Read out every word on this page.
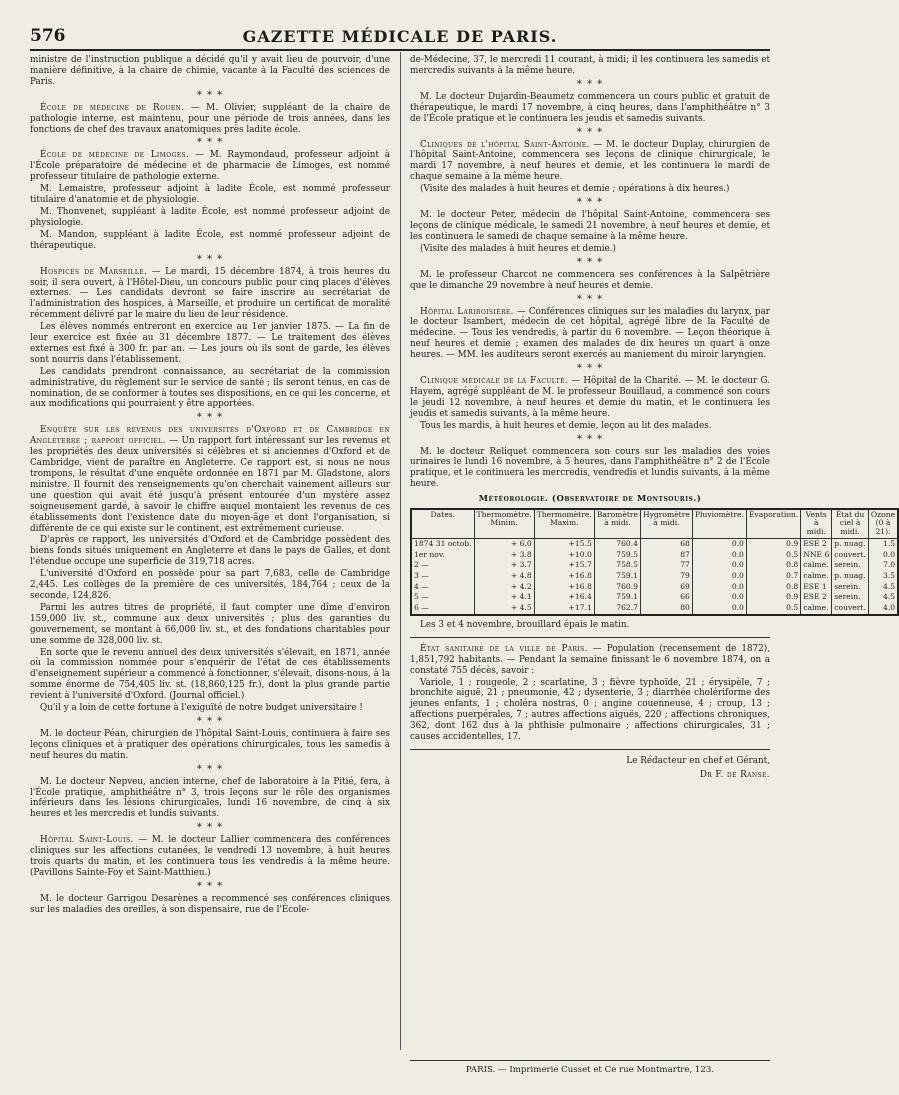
576	GAZETTE MÉDICALE DE PARIS.

ministre de l'instruction publique a décidé qu'il y avait lieu de pourvoir, d'une manière définitive, à la chaire de chimie, vacante à la Faculté des sciences de Paris.

* * *

École de médecine de Rouen. — M. Olivier, suppléant de la chaire de pathologie interne, est maintenu, pour une période de trois années, dans les fonctions de chef des travaux anatomiques près ladite école.

* * *

École de médecine de Limoges. — M. Raymondaud, professeur adjoint à l'École préparatoire de médecine et de pharmacie de Limoges, est nommé professeur titulaire de pathologie externe.

M. Lemaistre, professeur adjoint à ladite École, est nommé professeur titulaire d'anatomie et de physiologie.

M. Thonvenet, suppléant à ladite École, est nommé professeur adjoint de physiologie.

M. Mandon, suppléant à ladite École, est nommé professeur adjoint de thérapeutique.

* * *

Hospices de Marseille. — Le mardi, 15 décembre 1874, à trois heures du soir, il sera ouvert, à l'Hôtel-Dieu, un concours public pour cinq places d'élèves externes. — Les candidats devront se faire inscrire au secrétariat de l'administration des hospices, à Marseille, et produire un certificat de moralité récemment délivré par le maire du lieu de leur résidence.

Les élèves nommés entreront en exercice au 1er janvier 1875. — La fin de leur exercice est fixée au 31 décembre 1877. — Le traitement des élèves externes est fixé à 300 fr. par an. — Les jours où ils sont de garde, les élèves sont nourris dans l'établissement.

Les candidats prendront connaissance, au secrétariat de la commission administrative, du règlement sur le service de santé ; ils seront tenus, en cas de nomination, de se conformer à toutes ses dispositions, en ce qui les concerne, et aux modifications qui pourraient y être apportées.

* * *

Enquête sur les revenus des universités d'Oxford et de Cambridge en Angleterre ; rapport officiel. — Un rapport fort intéressant sur les revenus et les propriétés des deux universités si célèbres et si anciennes d'Oxford et de Cambridge, vient de paraître en Angleterre. Ce rapport est, si nous ne nous trompons, le résultat d'une enquête ordonnée en 1871 par M. Gladstone, alors ministre. Il fournit des renseignements qu'on cherchait vainement ailleurs sur une question qui avait été jusqu'à présent entourée d'un mystère assez soigneusement gardé, à savoir le chiffre auquel montaient les revenus de ces établissements dont l'existence date du moyen-âge et dont l'organisation, si différente de ce qui existe sur le continent, est extrêmement curieuse.

D'après ce rapport, les universités d'Oxford et de Cambridge possèdent des biens fonds situés uniquement en Angleterre et dans le pays de Galles, et dont l'étendue occupe une superficie de 319,718 acres.

L'université d'Oxford en possède pour sa part 7,683, celle de Cambridge 2,445. Les collèges de la première de ces universités, 184,764 ; ceux de la seconde, 124,826.

Parmi les autres titres de propriété, il faut compter une dîme d'environ 159,000 liv. st., commune aux deux universités ; plus des garanties du gouvernement, se montant à 66,000 liv. st., et des fondations charitables pour une somme de 328,000 liv. st.

En sorte que le revenu annuel des deux universités s'élevait, en 1871, année où la commission nommée pour s'enquérir de l'état de ces établissements d'enseignement supérieur a commencé à fonctionner, s'élevait, disons-nous, à la somme énorme de 754,405 liv. st. (18,860,125 fr.), dont la plus grande partie revient à l'université d'Oxford. (Journal officiel.)

Qu'il y a loin de cette fortune à l'exiguïté de notre budget universitaire !

* * *

M. le docteur Péan, chirurgien de l'hôpital Saint-Louis, continuera à faire ses leçons cliniques et à pratiquer des opérations chirurgicales, tous les samedis à neuf heures du matin.

* * *

M. Le docteur Nepveu, ancien interne, chef de laboratoire à la Pitié, fera, à l'École pratique, amphithéâtre n° 3, trois leçons sur le rôle des organismes inférieurs dans les lésions chirurgicales, lundi 16 novembre, de cinq à six heures et les mercredis et lundis suivants.

* * *

Hôpital Saint-Louis. — M. le docteur Lallier commencera des conférences cliniques sur les affections cutanées, le vendredi 13 novembre, à huit heures trois quarts du matin, et les continuera tous les vendredis à la même heure. (Pavillons Sainte-Foy et Saint-Matthieu.)

* * *

M. le docteur Garrigou Desarènes a recommencé ses conférences cliniques sur les maladies des oreilles, à son dispensaire, rue de l'École-

de-Médecine, 37, le mercredi 11 courant, à midi; il les continuera les samedis et mercredis suivants à la même heure.

* * *

M. Le docteur Dujardin-Beaumetz commencera un cours public et gratuit de thérapeutique, le mardi 17 novembre, à cinq heures, dans l'amphithéâtre n° 3 de l'École pratique et le continuera les jeudis et samedis suivants.

* * *

Cliniques de l'hôpital Saint-Antoine. — M. le docteur Duplay, chirurgien de l'hôpital Saint-Antoine, commencera ses leçons de clinique chirurgicale, le mardi 17 novembre, à neuf heures et demie, et les continuera le mardi de chaque semaine à la même heure.

(Visite des malades à huit heures et demie ; opérations à dix heures.)

* * *

M. le docteur Peter, médecin de l'hôpital Saint-Antoine, commencera ses leçons de clinique médicale, le samedi 21 novembre, à neuf heures et demie, et les continuera le samedi de chaque semaine à la même heure.

(Visite des malades à huit heures et demie.)

* * *

M. le professeur Charcot ne commencera ses conférences à la Salpêtrière que le dimanche 29 novembre à neuf heures et demie.

* * *

Hôpital Lariboisière. — Conférences cliniques sur les maladies du larynx, par le docteur Isambert, médecin de cet hôpital, agrégé libre de la Faculté de médecine. — Tous les vendredis, à partir du 6 novembre. — Leçon théorique à neuf heures et demie ; examen des malades de dix heures un quart à onze heures. — MM. les auditeurs seront exercés au maniement du miroir laryngien.

* * *

Clinique médicale de la Faculté. — Hôpital de la Charité. — M. le docteur G. Hayem, agrégé suppléant de M. le professeur Bouillaud, a commencé son cours le jeudi 12 novembre, à neuf heures et demie du matin, et le continuera les jeudis et samedis suivants, à la même heure.

Tous les mardis, à huit heures et demie, leçon au lit des malades.

* * *

M. le docteur Reliquet commencera son cours sur les maladies des voies urinaires le lundi 16 novembre, à 5 heures, dans l'amphithéâtre n° 2 de l'École pratique, et le continuera les mercredis, vendredis et lundis suivants, à la même heure.

Météorologie. (Observatoire de Montsouris.)
Dates.	Thermomètre. Minim.	Thermomètre. Maxim.	Baromètre à midi.	Hygromètre à midi.	Pluviomètre.	Évaporation.	Vents à midi.	État du ciel à midi.	Ozone (0 à 21).
1874 31 octob.	+ 6.0	+15.5	760.4	68	0.0	0.9	ESE 2	p. nuag.	1.5
1er nov.	+ 3.8	+10.0	759.5	87	0.0	0.5	NNE 6	couvert.	0.0
2 —	+ 3.7	+15.7	758.5	77	0.0	0.8	calme.	serein.	7.0
3 —	+ 4.8	+16.8	759.1	79	0.0	0.7	calme.	p. nuag.	3.5
4 —	+ 4.2	+16.8	760.9	69	0.0	0.8	ESE 1	serein.	4.5
5 —	+ 4.1	+16.4	759.1	66	0.0	0.9	ESE 2	serein.	4.5
6 —	+ 4.5	+17.1	762.7	80	0.0	0.5	calme.	couvert.	4.0

Les 3 et 4 novembre, brouillard épais le matin.

État sanitaire de la ville de Paris. — Population (recensement de 1872), 1,851,792 habitants. — Pendant la semaine finissant le 6 novembre 1874, on a constaté 755 décès, savoir :

Variole, 1 ; rougeole, 2 ; scarlatine, 3 ; fièvre typhoïde, 21 ; érysipèle, 7 ; bronchite aiguë, 21 ; pneumonie, 42 ; dysenterie, 3 ; diarrhée cholériforme des jeunes enfants, 1 ; choléra nostras, 0 ; angine couenneuse, 4 ; croup, 13 ; affections puerpérales, 7 ; autres affections aiguës, 220 ; affections chroniques, 362, dont 162 dus à la phthisie pulmonaire ; affections chirurgicales, 31 ; causes accidentelles, 17.

Le Rédacteur en chef et Gérant,
Dr F. de Ranse.
PARIS. — Imprimerie Cusset et Ce rue Montmartre, 123.
